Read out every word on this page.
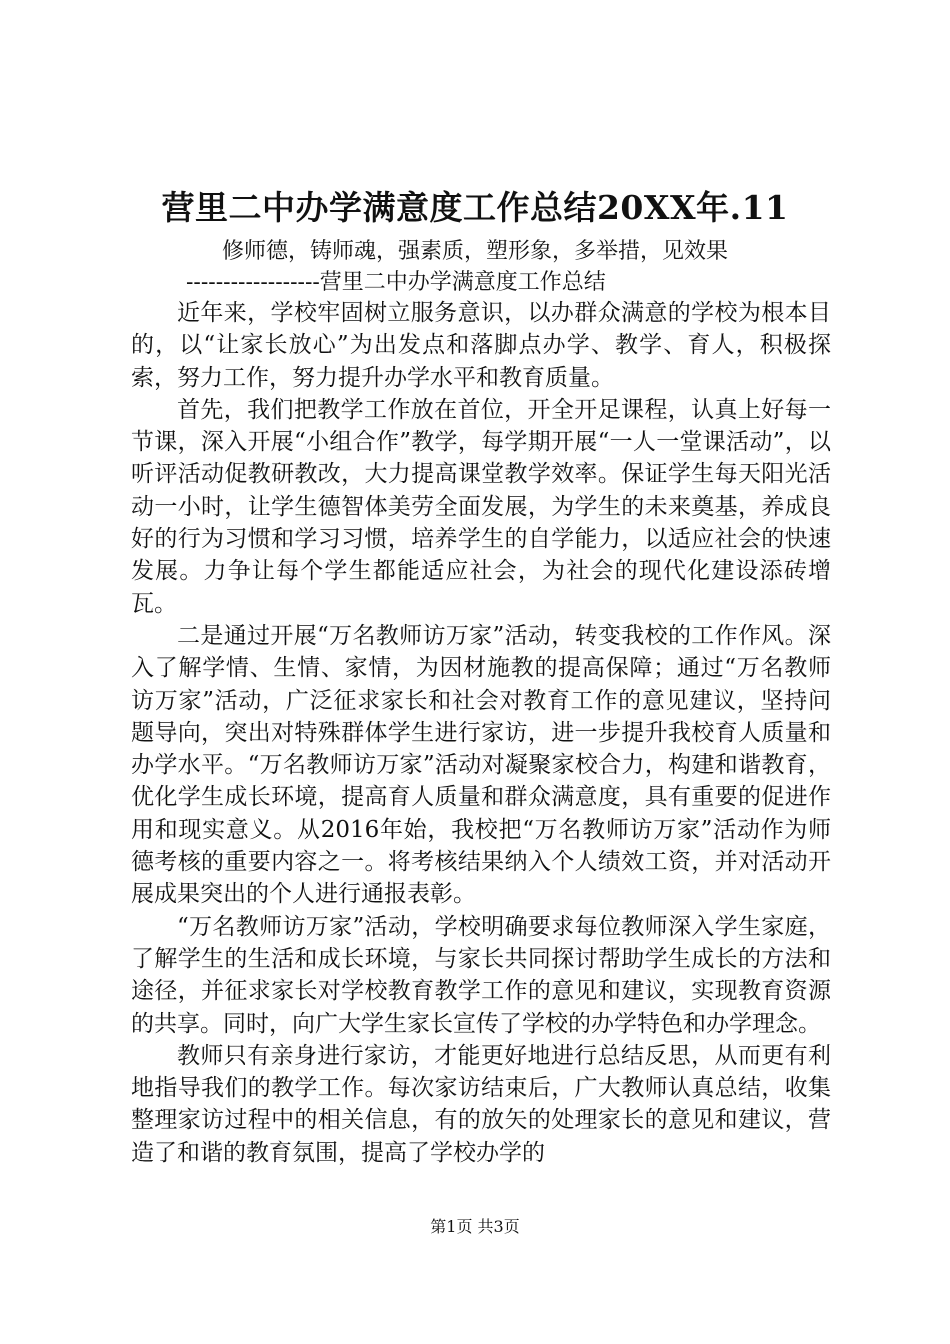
营里二中办学满意度工作总结20XX年.11
修师德，铸师魂，强素质，塑形象，多举措，见效果
------------------营里二中办学满意度工作总结

近年来，学校牢固树立服务意识，以办群众满意的学校为根本目的，以“让家长放心”为出发点和落脚点办学、教学、育人，积极探索，努力工作，努力提升办学水平和教育质量。

首先，我们把教学工作放在首位，开全开足课程，认真上好每一节课，深入开展“小组合作”教学，每学期开展“一人一堂课活动”，以听评活动促教研教改，大力提高课堂教学效率。保证学生每天阳光活动一小时，让学生德智体美劳全面发展，为学生的未来奠基，养成良好的行为习惯和学习习惯，培养学生的自学能力，以适应社会的快速发展。力争让每个学生都能适应社会，为社会的现代化建设添砖增瓦。

二是通过开展“万名教师访万家”活动，转变我校的工作作风。深入了解学情、生情、家情，为因材施教的提高保障；通过“万名教师访万家”活动，广泛征求家长和社会对教育工作的意见建议，坚持问题导向，突出对特殊群体学生进行家访，进一步提升我校育人质量和办学水平。“万名教师访万家”活动对凝聚家校合力，构建和谐教育，优化学生成长环境，提高育人质量和群众满意度，具有重要的促进作用和现实意义。从2016年始，我校把“万名教师访万家”活动作为师德考核的重要内容之一。将考核结果纳入个人绩效工资，并对活动开展成果突出的个人进行通报表彰。

“万名教师访万家”活动，学校明确要求每位教师深入学生家庭，了解学生的生活和成长环境，与家长共同探讨帮助学生成长的方法和途径，并征求家长对学校教育教学工作的意见和建议，实现教育资源的共享。同时，向广大学生家长宣传了学校的办学特色和办学理念。

教师只有亲身进行家访，才能更好地进行总结反思，从而更有利地指导我们的教学工作。每次家访结束后，广大教师认真总结，收集整理家访过程中的相关信息，有的放矢的处理家长的意见和建议，营造了和谐的教育氛围，提高了学校办学的

第1页 共3页
